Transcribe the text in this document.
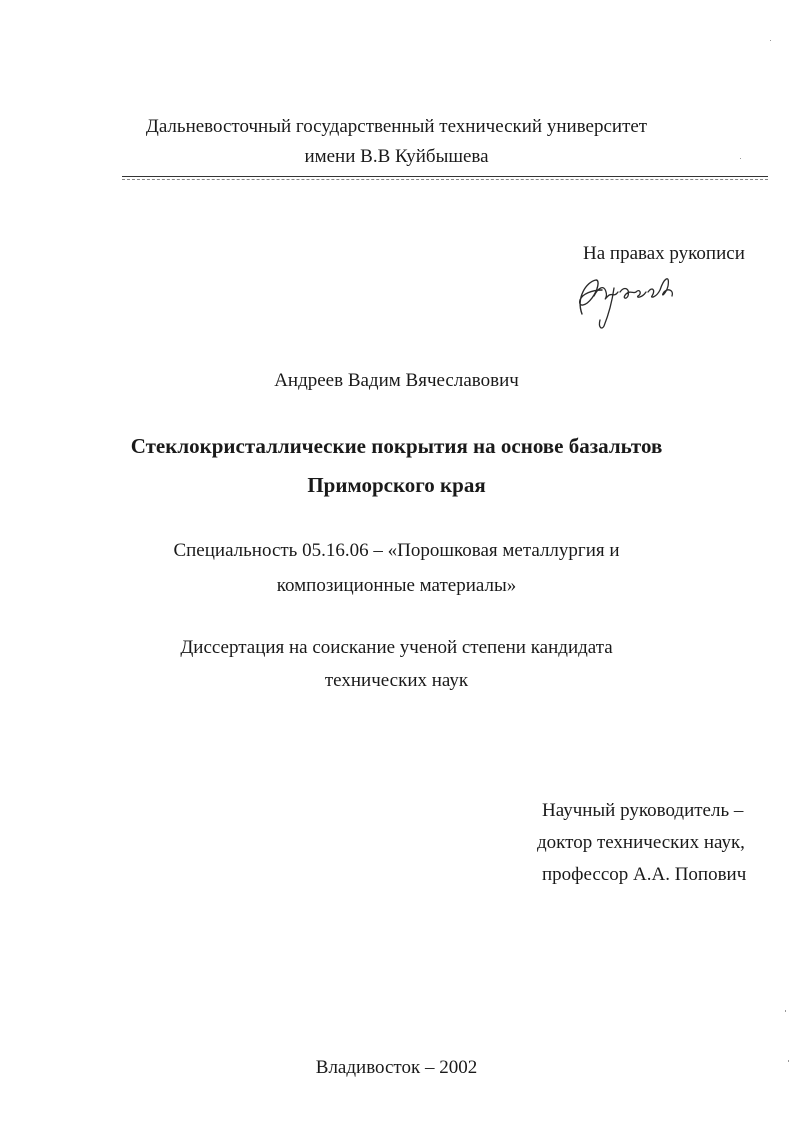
Дальневосточный государственный технический университет
имени В.В Куйбышева
На правах рукописи
Андреев Вадим Вячеславович
Стеклокристаллические покрытия на основе базальтов
Приморского края
Специальность 05.16.06 – «Порошковая металлургия и
композиционные материалы»
Диссертация на соискание ученой степени кандидата
технических наук
Научный руководитель –
доктор технических наук,
профессор А.А. Попович
Владивосток – 2002
